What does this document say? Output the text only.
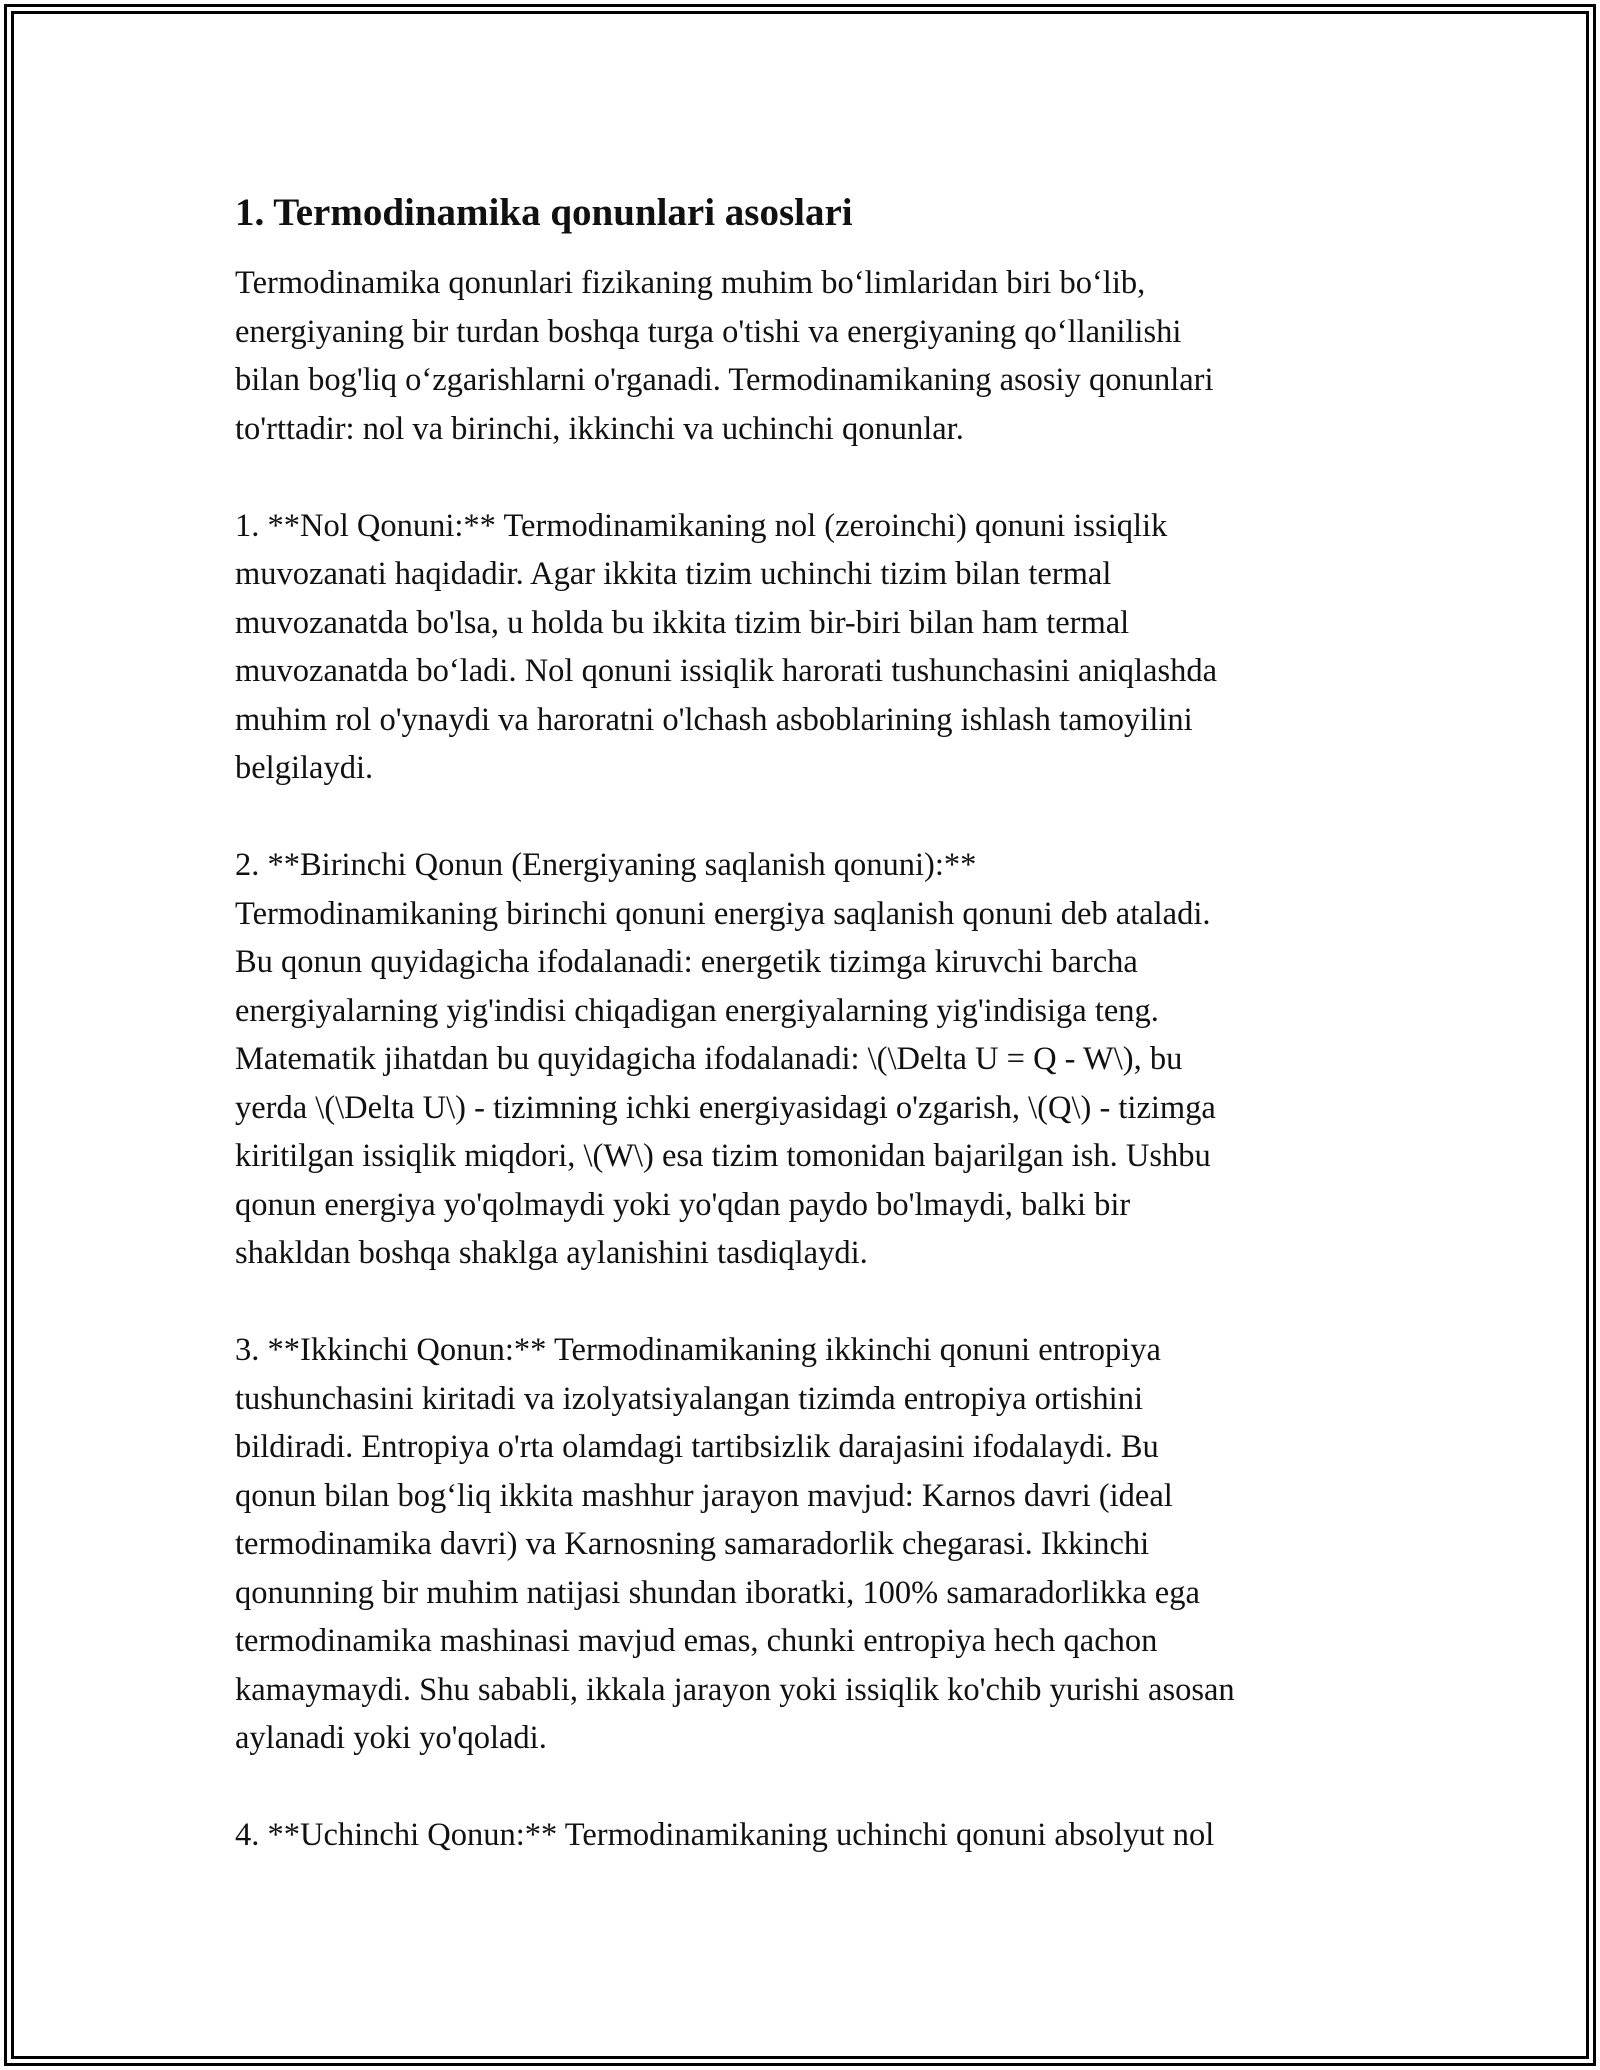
1. Termodinamika qonunlari asoslari
Termodinamika qonunlari fizikaning muhim bo‘limlaridan biri bo‘lib,
energiyaning bir turdan boshqa turga o'tishi va energiyaning qo‘llanilishi
bilan bog'liq o‘zgarishlarni o'rganadi. Termodinamikaning asosiy qonunlari
to'rttadir: nol va birinchi, ikkinchi va uchinchi qonunlar.
1. **Nol Qonuni:** Termodinamikaning nol (zeroinchi) qonuni issiqlik
muvozanati haqidadir. Agar ikkita tizim uchinchi tizim bilan termal
muvozanatda bo'lsa, u holda bu ikkita tizim bir-biri bilan ham termal
muvozanatda bo‘ladi. Nol qonuni issiqlik harorati tushunchasini aniqlashda
muhim rol o'ynaydi va haroratni o'lchash asboblarining ishlash tamoyilini
belgilaydi.
2. **Birinchi Qonun (Energiyaning saqlanish qonuni):**
Termodinamikaning birinchi qonuni energiya saqlanish qonuni deb ataladi.
Bu qonun quyidagicha ifodalanadi: energetik tizimga kiruvchi barcha
energiyalarning yig'indisi chiqadigan energiyalarning yig'indisiga teng.
Matematik jihatdan bu quyidagicha ifodalanadi: \(\Delta U = Q - W\), bu
yerda \(\Delta U\) - tizimning ichki energiyasidagi o'zgarish, \(Q\) - tizimga
kiritilgan issiqlik miqdori, \(W\) esa tizim tomonidan bajarilgan ish. Ushbu
qonun energiya yo'qolmaydi yoki yo'qdan paydo bo'lmaydi, balki bir
shakldan boshqa shaklga aylanishini tasdiqlaydi.
3. **Ikkinchi Qonun:** Termodinamikaning ikkinchi qonuni entropiya
tushunchasini kiritadi va izolyatsiyalangan tizimda entropiya ortishini
bildiradi. Entropiya o'rta olamdagi tartibsizlik darajasini ifodalaydi. Bu
qonun bilan bog‘liq ikkita mashhur jarayon mavjud: Karnos davri (ideal
termodinamika davri) va Karnosning samaradorlik chegarasi. Ikkinchi
qonunning bir muhim natijasi shundan iboratki, 100% samaradorlikka ega
termodinamika mashinasi mavjud emas, chunki entropiya hech qachon
kamaymaydi. Shu sababli, ikkala jarayon yoki issiqlik ko'chib yurishi asosan
aylanadi yoki yo'qoladi.
4. **Uchinchi Qonun:** Termodinamikaning uchinchi qonuni absolyut nol
